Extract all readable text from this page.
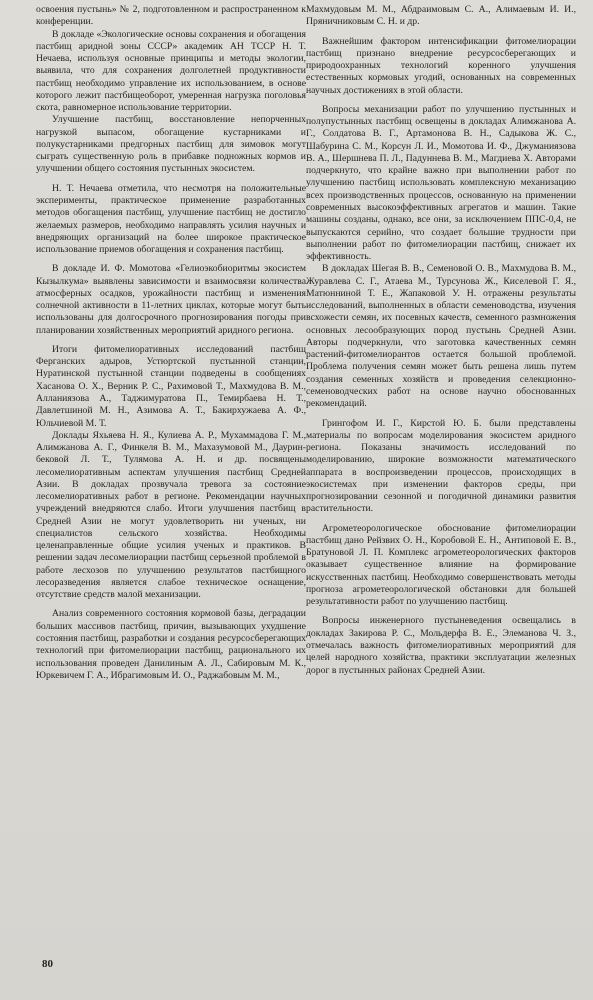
освоения пустынь» № 2, подготовленном и распространенном к конференции.

В докладе «Экологические основы сохранения и обогащения пастбищ аридной зоны СССР» академик АН ТССР Н. Т. Нечаева, используя основные принципы и методы экологии, выявила, что для сохранения долголетней продуктивности пастбищ необходимо управление их использованием, в основе которого лежит пастбищеоборот, умеренная нагрузка поголовья скота, равномерное использование территории.

Улучшение пастбищ, восстановление непорченных нагрузкой выпасом, обогащение кустарниками и полукустарниками предгорных пастбищ для зимовок могут сыграть существенную роль в прибавке подножных кормов и улучшении общего состояния пустынных экосистем.

Н. Т. Нечаева отметила, что несмотря на положительные эксперименты, практическое применение разработанных методов обогащения пастбищ, улучшение пастбищ не достигло желаемых размеров, необходимо направлять усилия научных и внедряющих организаций на более широкое практическое использование приемов обогащения и сохранения пастбищ.

В докладе И. Ф. Момотова «Гелиоэкобиоритмы экосистем Кызылкума» выявлены зависимости и взаимосвязи количества атмосферных осадков, урожайности пастбищ и изменения солнечной активности в 11-летних циклах, которые могут быть использованы для долгосрочного прогнозирования погоды при планировании хозяйственных мероприятий аридного региона.

Итоги фитомелиоративных исследований пастбищ Ферганских адыров, Устюртской пустынной станции, Нуратинской пустынной станции подведены в сообщениях Хасанова О. Х., Верник Р. С., Рахимовой Т., Махмудова В. М., Алланиязова А., Таджимуратова П., Темирбаева Н. Т., Давлетшиной М. Н., Азимова А. Т., Бакирхужаева А. Ф., Юльчиевой М. Т.

Доклады Яхьяева Н. Я., Кулиева А. Р., Мухаммадова Г. М., Алимжанова А. Г., Финкеля В. М., Махазумовой М., Даурин-бековой Л. Т., Тулямова А. Н. и др. посвящены лесомелиоративным аспектам улучшения пастбищ Средней Азии. В докладах прозвучала тревога за состояние лесомелиоративных работ в регионе. Рекомендации научных учреждений внедряются слабо. Итоги улучшения пастбищ в Средней Азии не могут удовлетворить ни ученых, ни специалистов сельского хозяйства. Необходимы целенаправленные общие усилия ученых и практиков. В решении задач лесомелиорации пастбищ серьезной проблемой в работе лесхозов по улучшению результатов пастбищного лесоразведения является слабое техническое оснащение, отсутствие средств малой механизации.

Анализ современного состояния кормовой базы, деградации больших массивов пастбищ, причин, вызывающих ухудшение состояния пастбищ, разработки и создания ресурсосберегающих технологий при фитомелиорации пастбищ, рационального их использования проведен Данилиным А. Л., Сабировым М. К., Юркевичем Г. А., Ибрагимовым И. О., Раджабовым М. М.,

Махмудовым М. М., Абдраимовым С. А., Алимаевым И. И., Пряничниковым С. Н. и др.

Важнейшим фактором интенсификации фитомелиорации пастбищ признано внедрение ресурсосберегающих и природоохранных технологий коренного улучшения естественных кормовых угодий, основанных на современных научных достижениях в этой области.

Вопросы механизации работ по улучшению пустынных и полупустынных пастбищ освещены в докладах Алимжанова А. Г., Солдатова В. Г., Артамонова В. Н., Садыкова Ж. С., Шабурина С. М., Корсун Л. И., Момотова И. Ф., Джуманиязова В. А., Шершнева П. Л., Падуннева В. М., Магдиева Х. Авторами подчеркнуто, что крайне важно при выполнении работ по улучшению пастбищ использовать комплексную механизацию всех производственных процессов, основанную на применении современных высокоэффективных агрегатов и машин. Такие машины созданы, однако, все они, за исключением ППС-0,4, не выпускаются серийно, что создает большие трудности при выполнении работ по фитомелиорации пастбищ, снижает их эффективность.

В докладах Шегая В. В., Семеновой О. В., Махмудова В. М., Журавлева С. Г., Атаева М., Турсунова Ж., Киселевой Г. Я., Матюнниной Т. Е., Жапаковой У. Н. отражены результаты исследований, выполненных в области семеноводства, изучения всхожести семян, их посевных качеств, семенного размножения основных лесообразующих пород пустынь Средней Азии. Авторы подчеркнули, что заготовка качественных семян растений-фитомелиорантов остается большой проблемой. Проблема получения семян может быть решена лишь путем создания семенных хозяйств и проведения селекционно-семеноводческих работ на основе научно обоснованных рекомендаций.

Грингофом И. Г., Кирстой Ю. Б. были представлены материалы по вопросам моделирования экосистем аридного региона. Показаны значимость исследований по моделированию, широкие возможности математического аппарата в воспроизведении процессов, происходящих в экосистемах при изменении факторов среды, при прогнозировании сезонной и погодичной динамики развития растительности.

Агрометеорологическое обоснование фитомелиорации пастбищ дано Рейзвих О. Н., Коробовой Е. Н., Антиповой Е. В., Братуновой Л. П. Комплекс агрометеорологических факторов оказывает существенное влияние на формирование искусственных пастбищ. Необходимо совершенствовать методы прогноза агрометеорологической обстановки для большей результативности работ по улучшению пастбищ.

Вопросы инженерного пустыневедения освещались в докладах Закирова Р. С., Мольдерфа В. Е., Элеманова Ч. З., отмечалась важность фитомелиоративных мероприятий для целей народного хозяйства, практики эксплуатации железных дорог в пустынных районах Средней Азии.

80
